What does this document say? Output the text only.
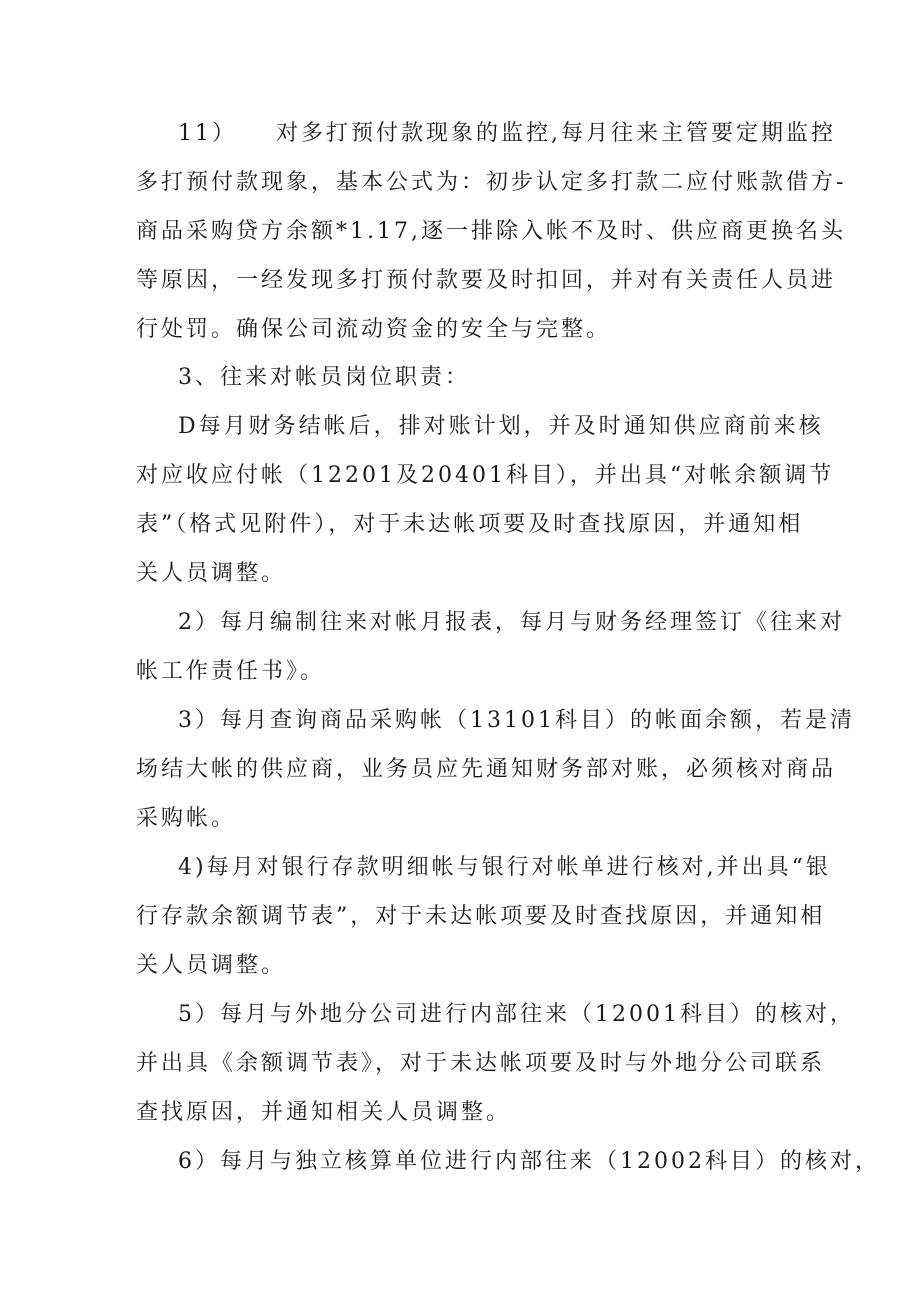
11）　　对多打预付款现象的监控,每月往来主管要定期监控
多打预付款现象，基本公式为：初步认定多打款二应付账款借方-
商品采购贷方余额*1.17,逐一排除入帐不及时、供应商更换名头
等原因，一经发现多打预付款要及时扣回，并对有关责任人员进
行处罚。确保公司流动资金的安全与完整。
3、往来对帐员岗位职责：
D每月财务结帐后，排对账计划，并及时通知供应商前来核
对应收应付帐（12201及20401科目），并出具“对帐余额调节
表”（格式见附件），对于未达帐项要及时查找原因，并通知相
关人员调整。
2）每月编制往来对帐月报表，每月与财务经理签订《往来对
帐工作责任书》。
3）每月查询商品采购帐（13101科目）的帐面余额，若是清
场结大帐的供应商，业务员应先通知财务部对账，必须核对商品
采购帐。
4)每月对银行存款明细帐与银行对帐单进行核对,并出具“银
行存款余额调节表”，对于未达帐项要及时查找原因，并通知相
关人员调整。
5）每月与外地分公司进行内部往来（12001科目）的核对，
并出具《余额调节表》，对于未达帐项要及时与外地分公司联系
查找原因，并通知相关人员调整。
6）每月与独立核算单位进行内部往来（12002科目）的核对，
